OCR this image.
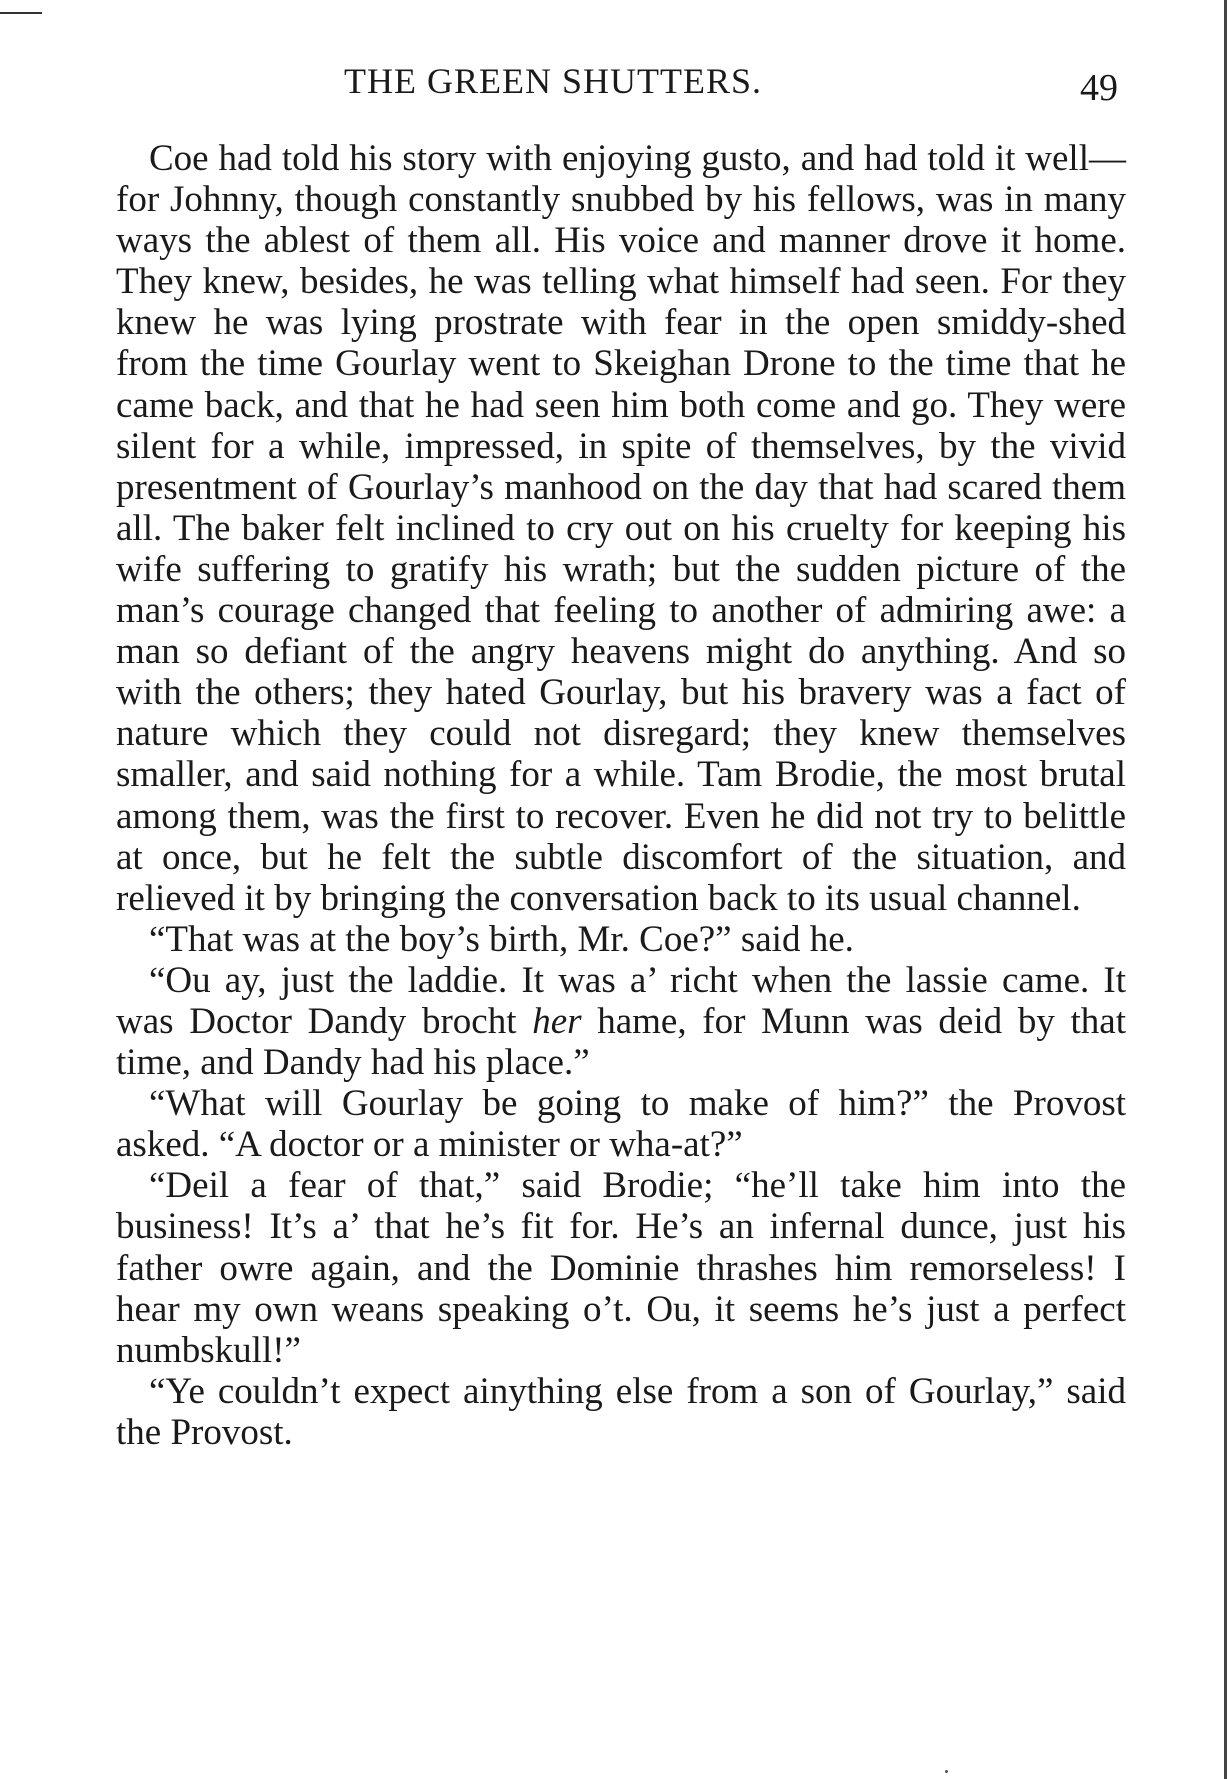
THE GREEN SHUTTERS.	49

Coe had told his story with enjoying gusto, and had told it well—for Johnny, though constantly snubbed by his fellows, was in many ways the ablest of them all. His voice and manner drove it home. They knew, besides, he was telling what himself had seen. For they knew he was lying prostrate with fear in the open smiddy-shed from the time Gourlay went to Skeighan Drone to the time that he came back, and that he had seen him both come and go. They were silent for a while, impressed, in spite of themselves, by the vivid presentment of Gourlay’s manhood on the day that had scared them all. The baker felt inclined to cry out on his cruelty for keeping his wife suffering to gratify his wrath; but the sudden picture of the man’s courage changed that feeling to another of admiring awe: a man so defiant of the angry heavens might do anything. And so with the others; they hated Gourlay, but his bravery was a fact of nature which they could not disregard; they knew themselves smaller, and said nothing for a while. Tam Brodie, the most brutal among them, was the first to recover. Even he did not try to belittle at once, but he felt the subtle discomfort of the situation, and relieved it by bringing the conversation back to its usual channel.

“That was at the boy’s birth, Mr. Coe?” said he.

“Ou ay, just the laddie. It was a’ richt when the lassie came. It was Doctor Dandy brocht her hame, for Munn was deid by that time, and Dandy had his place.”

“What will Gourlay be going to make of him?” the Provost asked. “A doctor or a minister or wha-at?”

“Deil a fear of that,” said Brodie; “he’ll take him into the business! It’s a’ that he’s fit for. He’s an infernal dunce, just his father owre again, and the Dominie thrashes him remorseless! I hear my own weans speaking o’t. Ou, it seems he’s just a perfect numbskull!”

“Ye couldn’t expect ainything else from a son of Gourlay,” said the Provost.
